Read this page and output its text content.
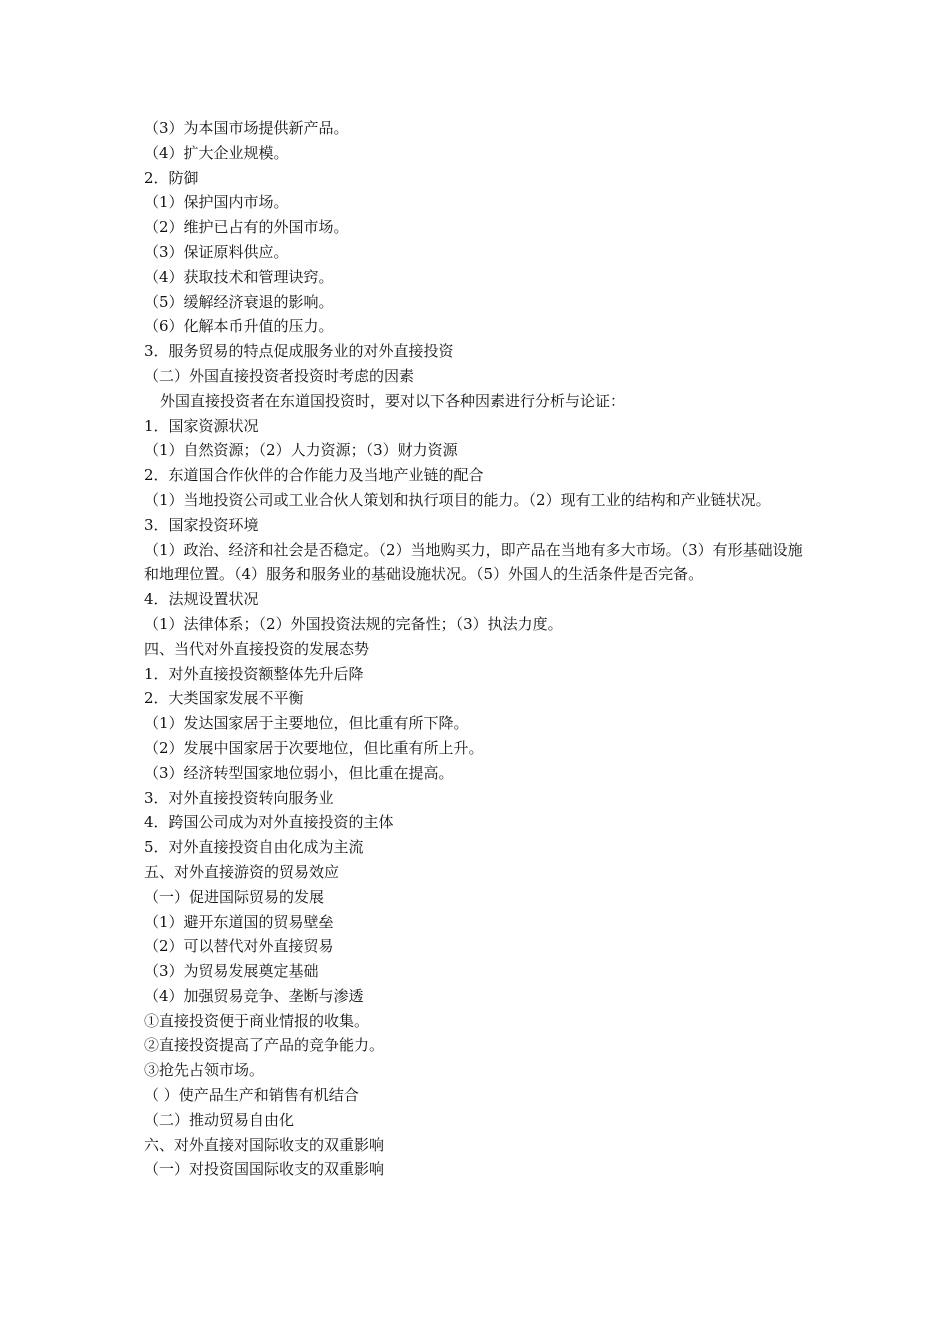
（3）为本国市场提供新产品。

（4）扩大企业规模。

2．防御

（1）保护国内市场。

（2）维护已占有的外国市场。

（3）保证原料供应。

（4）获取技术和管理诀窍。

（5）缓解经济衰退的影响。

（6）化解本币升值的压力。

3．服务贸易的特点促成服务业的对外直接投资

（二）外国直接投资者投资时考虑的因素

外国直接投资者在东道国投资时，要对以下各种因素进行分析与论证：

1．国家资源状况

（1）自然资源；（2）人力资源；（3）财力资源

2．东道国合作伙伴的合作能力及当地产业链的配合

（1）当地投资公司或工业合伙人策划和执行项目的能力。（2）现有工业的结构和产业链状况。

3．国家投资环境

（1）政治、经济和社会是否稳定。（2）当地购买力，即产品在当地有多大市场。（3）有形基础设施和地理位置。（4）服务和服务业的基础设施状况。（5）外国人的生活条件是否完备。

4．法规设置状况

（1）法律体系；（2）外国投资法规的完备性；（3）执法力度。

四、当代对外直接投资的发展态势

1．对外直接投资额整体先升后降

2．大类国家发展不平衡

（1）发达国家居于主要地位，但比重有所下降。

（2）发展中国家居于次要地位，但比重有所上升。

（3）经济转型国家地位弱小，但比重在提高。

3．对外直接投资转向服务业

4．跨国公司成为对外直接投资的主体

5．对外直接投资自由化成为主流

五、对外直接游资的贸易效应

（一）促进国际贸易的发展

（1）避开东道国的贸易壁垒

（2）可以替代对外直接贸易

（3）为贸易发展奠定基础

（4）加强贸易竞争、垄断与渗透

①直接投资便于商业情报的收集。

②直接投资提高了产品的竞争能力。

③抢先占领市场。

（ ）使产品生产和销售有机结合

（二）推动贸易自由化

六、对外直接对国际收支的双重影响

（一）对投资国国际收支的双重影响
